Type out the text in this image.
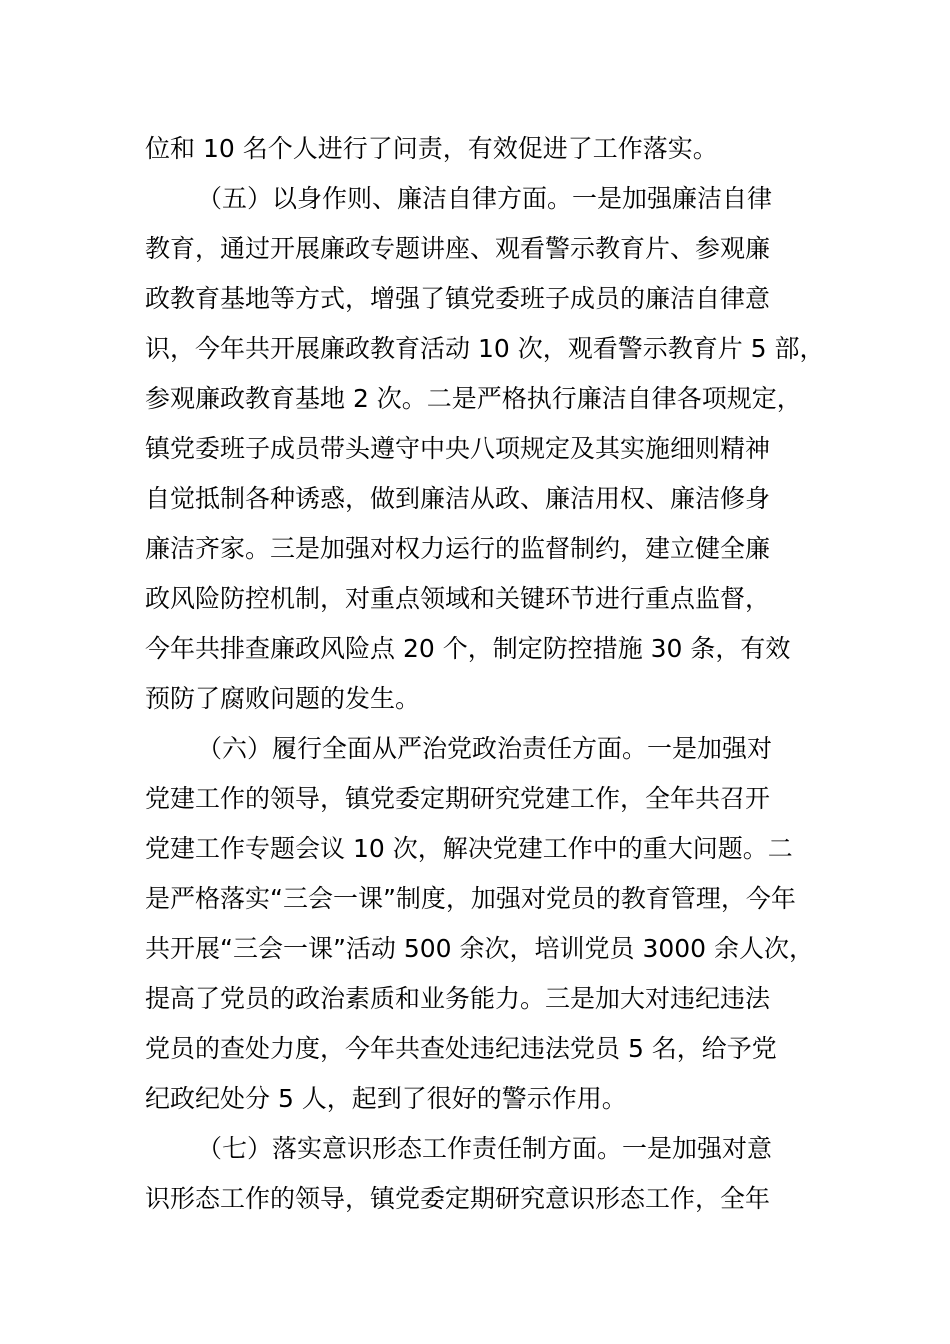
位和 10 名个人进行了问责，有效促进了工作落实。
（五）以身作则、廉洁自律方面。一是加强廉洁自律
教育，通过开展廉政专题讲座、观看警示教育片、参观廉
政教育基地等方式，增强了镇党委班子成员的廉洁自律意
识，今年共开展廉政教育活动 10 次，观看警示教育片 5 部，
参观廉政教育基地 2 次。二是严格执行廉洁自律各项规定，
镇党委班子成员带头遵守中央八项规定及其实施细则精神
自觉抵制各种诱惑，做到廉洁从政、廉洁用权、廉洁修身
廉洁齐家。三是加强对权力运行的监督制约，建立健全廉
政风险防控机制，对重点领域和关键环节进行重点监督，
今年共排查廉政风险点 20 个，制定防控措施 30 条，有效
预防了腐败问题的发生。
（六）履行全面从严治党政治责任方面。一是加强对
党建工作的领导，镇党委定期研究党建工作，全年共召开
党建工作专题会议 10 次，解决党建工作中的重大问题。二
是严格落实“三会一课”制度，加强对党员的教育管理，今年
共开展“三会一课”活动 500 余次，培训党员 3000 余人次，
提高了党员的政治素质和业务能力。三是加大对违纪违法
党员的查处力度，今年共查处违纪违法党员 5 名，给予党
纪政纪处分 5 人，起到了很好的警示作用。
（七）落实意识形态工作责任制方面。一是加强对意
识形态工作的领导，镇党委定期研究意识形态工作，全年
